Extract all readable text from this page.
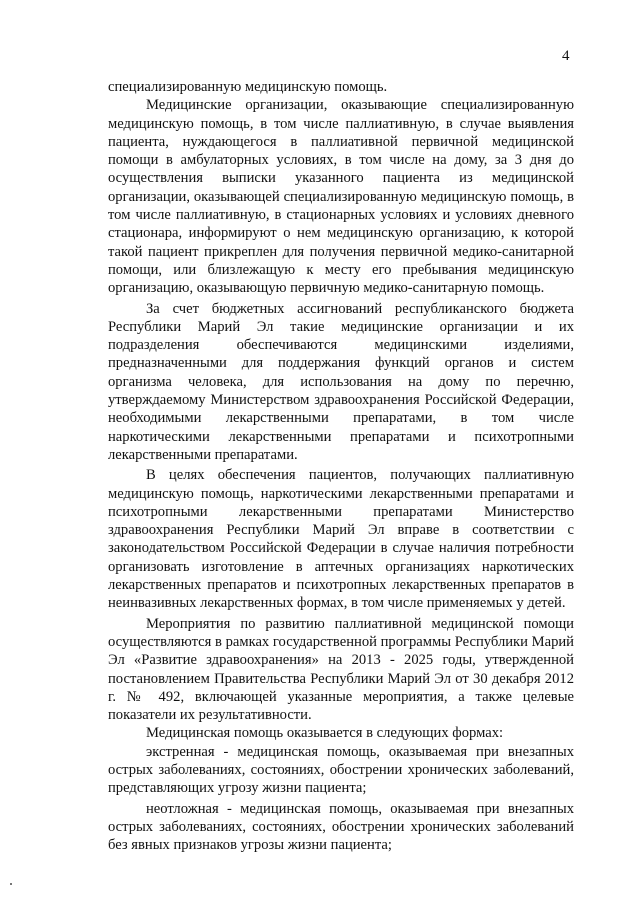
4

специализированную медицинскую помощь.

Медицинские организации, оказывающие специализированную медицинскую помощь, в том числе паллиативную, в случае выявления пациента, нуждающегося в паллиативной первичной медицинской помощи в амбулаторных условиях, в том числе на дому, за 3 дня до осуществления выписки указанного пациента из медицинской организации, оказывающей специализированную медицинскую помощь, в том числе паллиативную, в стационарных условиях и условиях дневного стационара, информируют о нем медицинскую организацию, к которой такой пациент прикреплен для получения первичной медико-санитарной помощи, или близлежащую к месту его пребывания медицинскую организацию, оказывающую первичную медико-санитарную помощь.

За счет бюджетных ассигнований республиканского бюджета Республики Марий Эл такие медицинские организации и их подразделения обеспечиваются медицинскими изделиями, предназначенными для поддержания функций органов и систем организма человека, для использования на дому по перечню, утверждаемому Министерством здравоохранения Российской Федерации, необходимыми лекарственными препаратами, в том числе наркотическими лекарственными препаратами и психотропными лекарственными препаратами.

В целях обеспечения пациентов, получающих паллиативную медицинскую помощь, наркотическими лекарственными препаратами и психотропными лекарственными препаратами Министерство здравоохранения Республики Марий Эл вправе в соответствии с законодательством Российской Федерации в случае наличия потребности организовать изготовление в аптечных организациях наркотических лекарственных препаратов и психотропных лекарственных препаратов в неинвазивных лекарственных формах, в том числе применяемых у детей.

Мероприятия по развитию паллиативной медицинской помощи осуществляются в рамках государственной программы Республики Марий Эл «Развитие здравоохранения» на 2013 - 2025 годы, утвержденной постановлением Правительства Республики Марий Эл от 30 декабря 2012 г. № 492, включающей указанные мероприятия, а также целевые показатели их результативности.

Медицинская помощь оказывается в следующих формах:

экстренная - медицинская помощь, оказываемая при внезапных острых заболеваниях, состояниях, обострении хронических заболеваний, представляющих угрозу жизни пациента;

неотложная - медицинская помощь, оказываемая при внезапных острых заболеваниях, состояниях, обострении хронических заболеваний без явных признаков угрозы жизни пациента;
